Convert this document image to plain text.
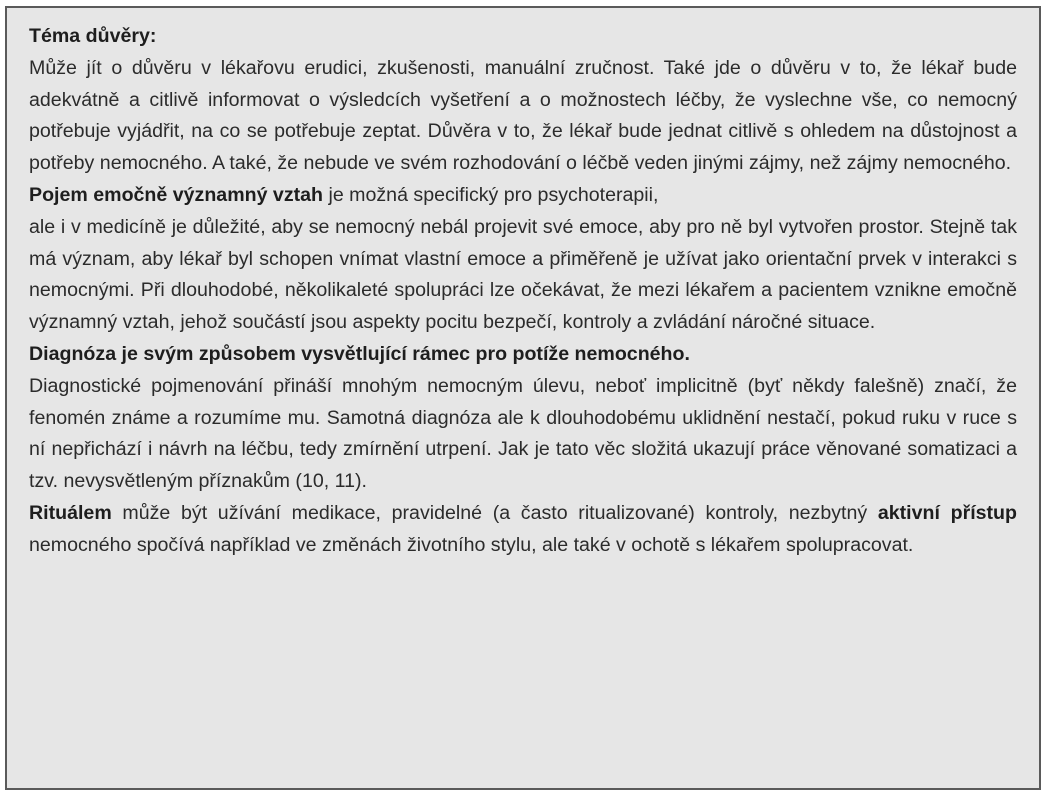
Téma důvěry:

Může jít o důvěru v lékařovu erudici, zkušenosti, manuální zručnost. Také jde o důvěru v to, že lékař bude adekvátně a citlivě informovat o výsledcích vyšetření a o možnostech léčby, že vyslechne vše, co nemocný potřebuje vyjádřit, na co se potřebuje zeptat. Důvěra v to, že lékař bude jednat citlivě s ohledem na důstojnost a potřeby nemocného. A také, že nebude ve svém rozhodování o léčbě veden jinými zájmy, než zájmy nemocného.

Pojem emočně významný vztah je možná specifický pro psychoterapii,

ale i v medicíně je důležité, aby se nemocný nebál projevit své emoce, aby pro ně byl vytvořen prostor. Stejně tak má význam, aby lékař byl schopen vnímat vlastní emoce a přiměřeně je užívat jako orientační prvek v interakci s nemocnými. Při dlouhodobé, několikaleté spolupráci lze očekávat, že mezi lékařem a pacientem vznikne emočně významný vztah, jehož součástí jsou aspekty pocitu bezpečí, kontroly a zvládání náročné situace.

Diagnóza je svým způsobem vysvětlující rámec pro potíže nemocného.

Diagnostické pojmenování přináší mnohým nemocným úlevu, neboť implicitně (byť někdy falešně) značí, že fenomén známe a rozumíme mu. Samotná diagnóza ale k dlouhodobému uklidnění nestačí, pokud ruku v ruce s ní nepřichází i návrh na léčbu, tedy zmírnění utrpení. Jak je tato věc složitá ukazují práce věnované somatizaci a tzv. nevysvětleným příznakům (10, 11).

Rituálem může být užívání medikace, pravidelné (a často ritualizované) kontroly, nezbytný aktivní přístup nemocného spočívá například ve změnách životního stylu, ale také v ochotě s lékařem spolupracovat.
